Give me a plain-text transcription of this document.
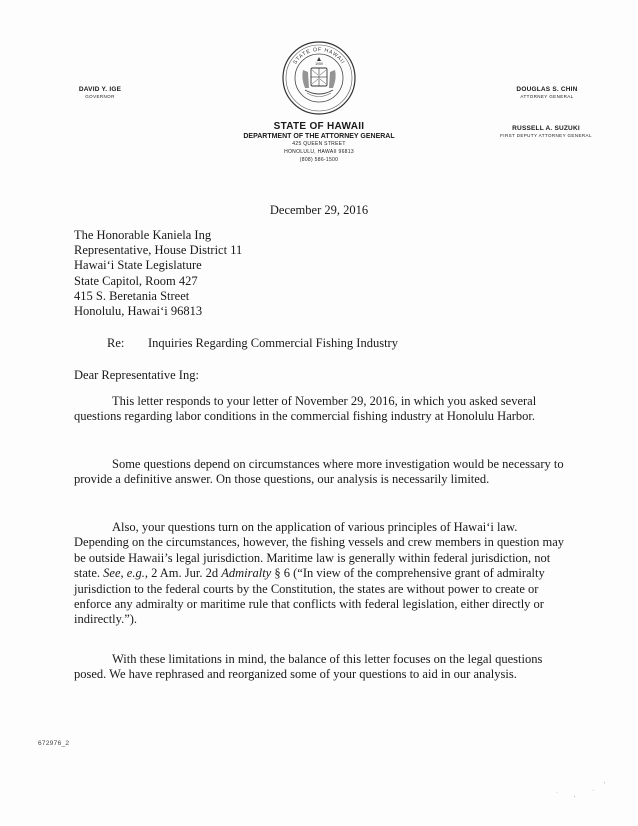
1959
STATE OF HAWAII
DAVID Y. IGE
GOVERNOR
DOUGLAS S. CHIN
ATTORNEY GENERAL
RUSSELL A. SUZUKI
FIRST DEPUTY ATTORNEY GENERAL
STATE OF HAWAII
DEPARTMENT OF THE ATTORNEY GENERAL
425 QUEEN STREET
HONOLULU, HAWAII 96813
(808) 586-1500
December 29, 2016
The Honorable Kaniela Ing
Representative, House District 11
Hawai‘i State Legislature
State Capitol, Room 427
415 S. Beretania Street
Honolulu, Hawai‘i 96813
Re: Inquiries Regarding Commercial Fishing Industry
Dear Representative Ing:
This letter responds to your letter of November 29, 2016, in which you asked several questions regarding labor conditions in the commercial fishing industry at Honolulu Harbor.
Some questions depend on circumstances where more investigation would be necessary to provide a definitive answer. On those questions, our analysis is necessarily limited.
Also, your questions turn on the application of various principles of Hawai‘i law. Depending on the circumstances, however, the fishing vessels and crew members in question may be outside Hawaii’s legal jurisdiction. Maritime law is generally within federal jurisdiction, not state. See, e.g., 2 Am. Jur. 2d Admiralty § 6 (“In view of the comprehensive grant of admiralty jurisdiction to the federal courts by the Constitution, the states are without power to create or enforce any admiralty or maritime rule that conflicts with federal legislation, either directly or indirectly.”).
With these limitations in mind, the balance of this letter focuses on the legal questions posed. We have rephrased and reorganized some of your questions to aid in our analysis.
672976_2
·
'
·
'
